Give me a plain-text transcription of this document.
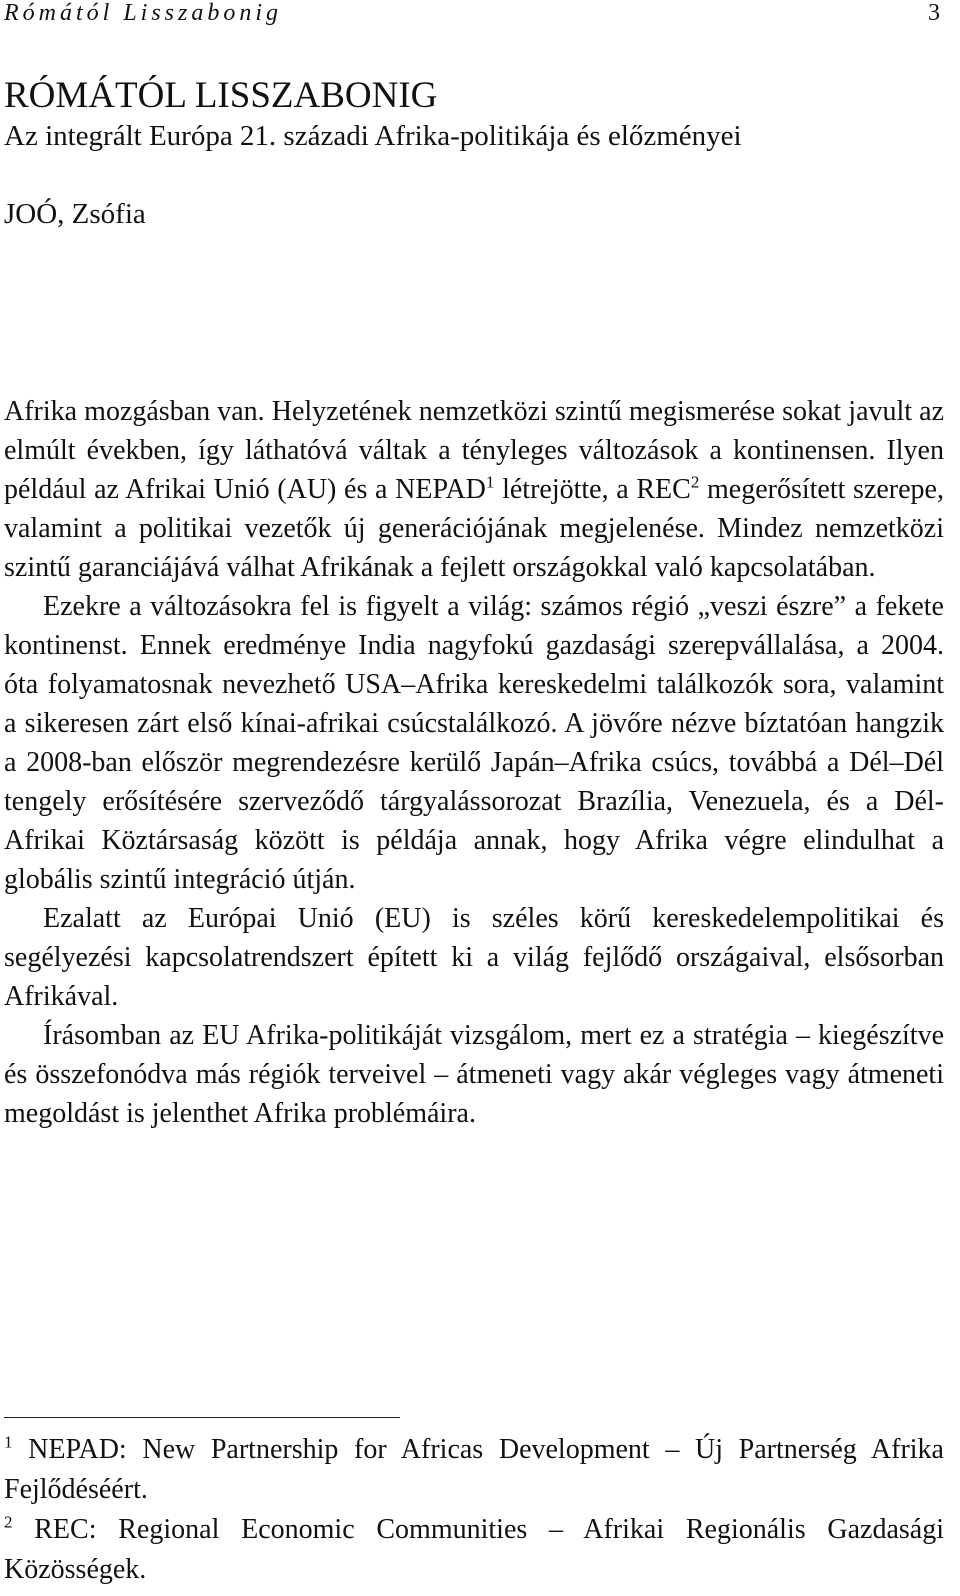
Rómától Lisszabonig	3
RÓMÁTÓL LISSZABONIG
Az integrált Európa 21. századi Afrika-politikája és előzményei
JOÓ, Zsófia

Afrika mozgásban van. Helyzetének nemzetközi szintű megismerése sokat javult az elmúlt években, így láthatóvá váltak a tényleges változások a kontinensen. Ilyen például az Afrikai Unió (AU) és a NEPAD$^1$ létrejötte, a REC$^2$ megerősített szerepe, valamint a politikai vezetők új generációjának megjelenése. Mindez nemzetközi szintű garanciájává válhat Afrikának a fejlett országokkal való kapcsolatában.

Ezekre a változásokra fel is figyelt a világ: számos régió „veszi észre” a fekete kontinenst. Ennek eredménye India nagyfokú gazdasági szerepvállalása, a 2004. óta folyamatosnak nevezhető USA–Afrika kereskedelmi találkozók sora, valamint a sikeresen zárt első kínai-afrikai csúcstalálkozó. A jövőre nézve bíztatóan hangzik a 2008-ban először megrendezésre kerülő Japán–Afrika csúcs, továbbá a Dél–Dél tengely erősítésére szerveződő tárgyalássorozat Brazília, Venezuela, és a Dél-Afrikai Köztársaság között is példája annak, hogy Afrika végre elindulhat a globális szintű integráció útján.

Ezalatt az Európai Unió (EU) is széles körű kereskedelempolitikai és segélyezési kapcsolatrendszert épített ki a világ fejlődő országaival, elsősorban Afrikával.

Írásomban az EU Afrika-politikáját vizsgálom, mert ez a stratégia – kiegészítve és összefonódva más régiók terveivel – átmeneti vagy akár végleges vagy átmeneti megoldást is jelenthet Afrika problémáira.

$^1$ NEPAD: New Partnership for Africas Development – Új Partnerség Afrika Fejlődéséért.

$^2$ REC: Regional Economic Communities – Afrikai Regionális Gazdasági Közösségek.
